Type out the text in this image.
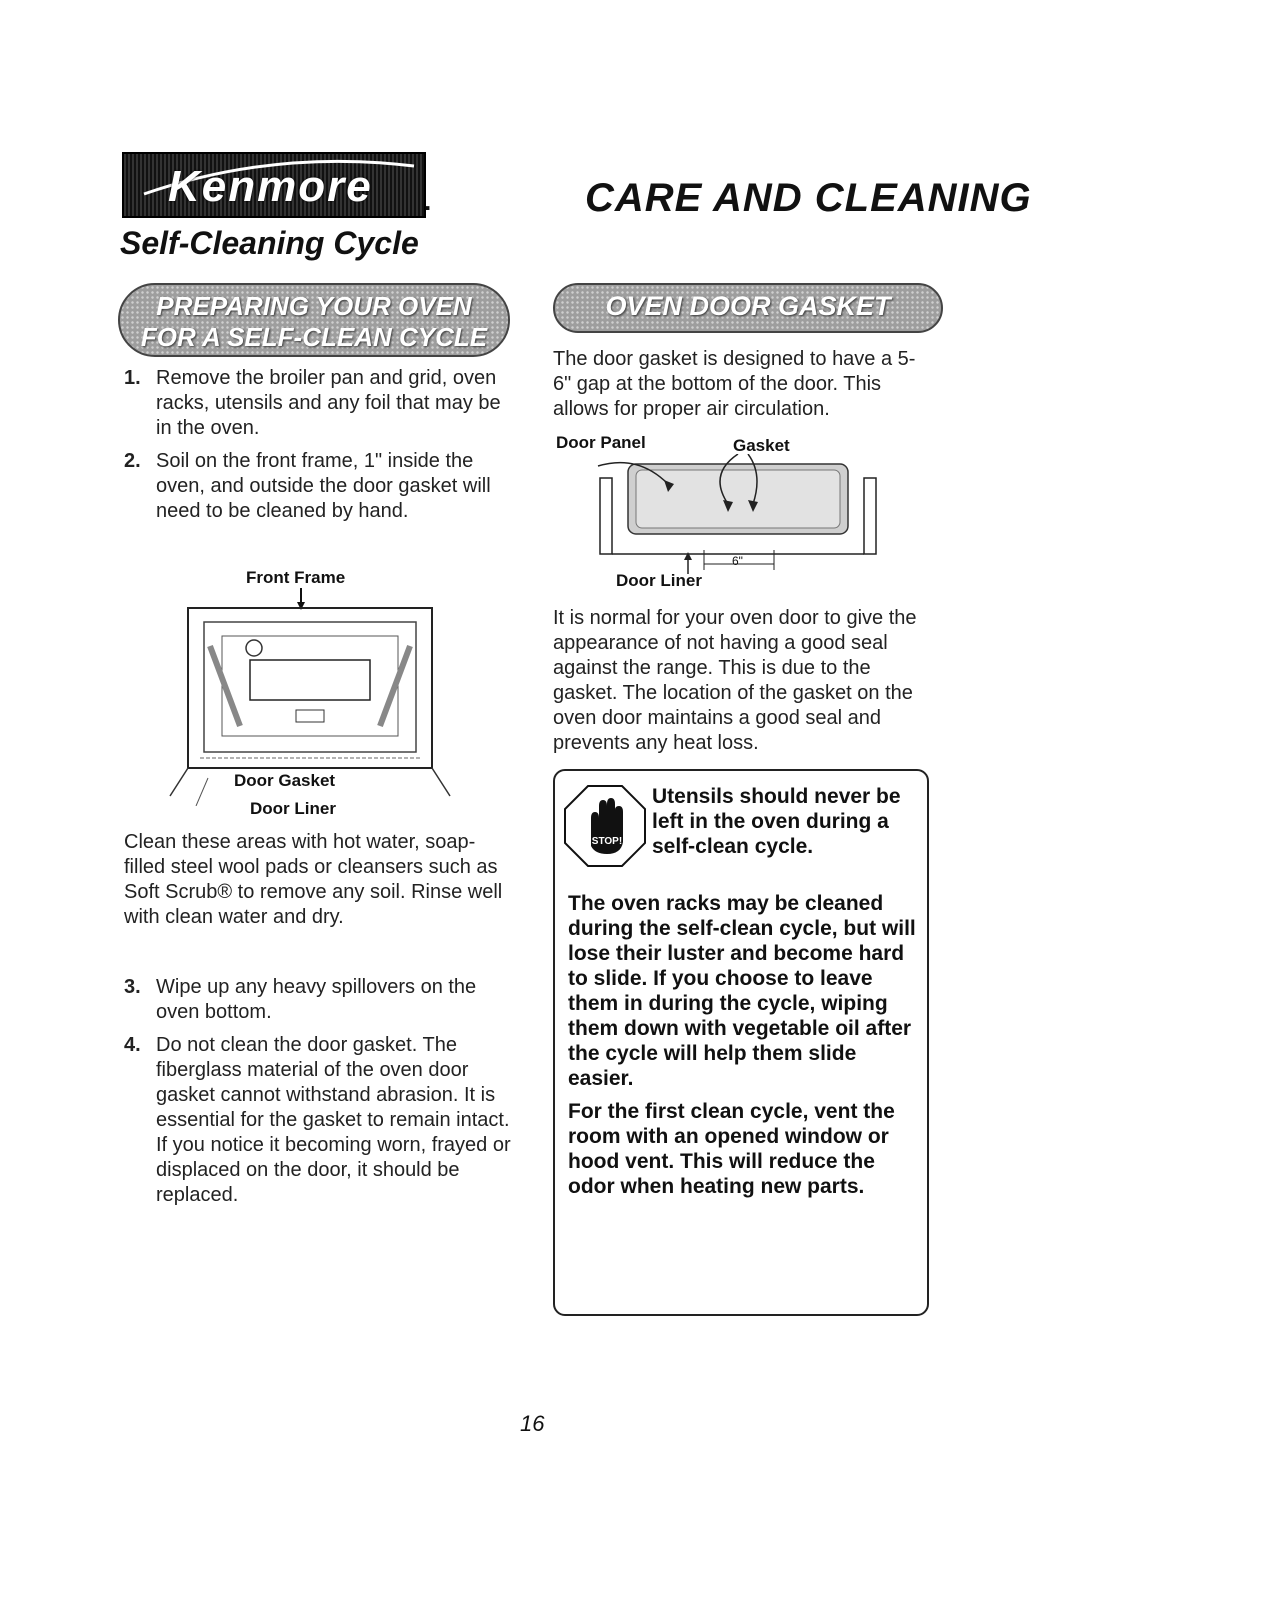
Kenmore .	CARE AND CLEANING
Self-Cleaning Cycle
PREPARING YOUR OVEN
FOR A SELF-CLEAN CYCLE
OVEN DOOR GASKET
1. Remove the broiler pan and grid, oven racks, utensils and any foil that may be in the oven.
2. Soil on the front frame, 1" inside the oven, and outside the door gasket will need to be cleaned by hand.

Front Frame

Door Gasket

Door Liner

Clean these areas with hot water, soap-filled steel wool pads or cleansers such as Soft Scrub® to remove any soil. Rinse well with clean water and dry.

3. Wipe up any heavy spillovers on the oven bottom.
4. Do not clean the door gasket. The fiberglass material of the oven door gasket cannot withstand abrasion. It is essential for the gasket to remain intact. If you notice it becoming worn, frayed or displaced on the door, it should be replaced.

The door gasket is designed to have a 5-6" gap at the bottom of the door. This allows for proper air circulation.

Door Panel	Gasket

6"

Door Liner

It is normal for your oven door to give the appearance of not having a good seal against the range. This is due to the gasket. The location of the gasket on the oven door maintains a good seal and prevents any heat loss.

STOP!

Utensils should never be left in the oven during a self-clean cycle.

The oven racks may be cleaned during the self-clean cycle, but will lose their luster and become hard to slide. If you choose to leave them in during the cycle, wiping them down with vegetable oil after the cycle will help them slide easier.

For the first clean cycle, vent the room with an opened window or hood vent. This will reduce the odor when heating new parts.

16
